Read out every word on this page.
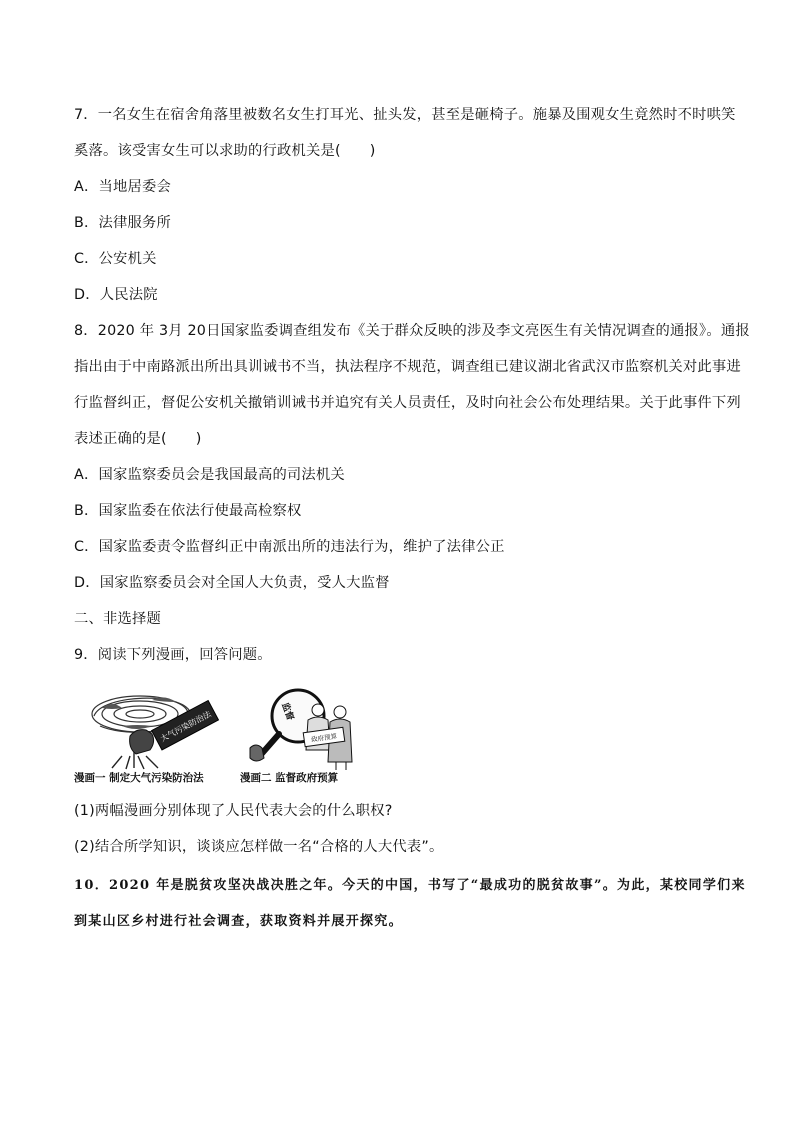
7．一名女生在宿舍角落里被数名女生打耳光、扯头发，甚至是砸椅子。施暴及围观女生竟然时不时哄笑
奚落。该受害女生可以求助的行政机关是(　　)
A．当地居委会
B．法律服务所
C．公安机关
D．人民法院
8．2020 年 3月 20日国家监委调查组发布《关于群众反映的涉及李文亮医生有关情况调查的通报》。通报
指出由于中南路派出所出具训诫书不当，执法程序不规范，调查组已建议湖北省武汉市监察机关对此事进
行监督纠正，督促公安机关撤销训诫书并追究有关人员责任，及时向社会公布处理结果。关于此事件下列
表述正确的是(　　)
A．国家监察委员会是我国最高的司法机关
B．国家监委在依法行使最高检察权
C．国家监委责令监督纠正中南派出所的违法行为，维护了法律公正
D．国家监察委员会对全国人大负责，受人大监督
二、非选择题
9．阅读下列漫画，回答问题。
大气污染防治法
漫画一 制定大气污染防治法
监督
政府预算
漫画二 监督政府预算
(1)两幅漫画分别体现了人民代表大会的什么职权?
(2)结合所学知识，谈谈应怎样做一名“合格的人大代表”。
10．2020 年是脱贫攻坚决战决胜之年。今天的中国，书写了“最成功的脱贫故事”。为此，某校同学们来
到某山区乡村进行社会调查，获取资料并展开探究。
